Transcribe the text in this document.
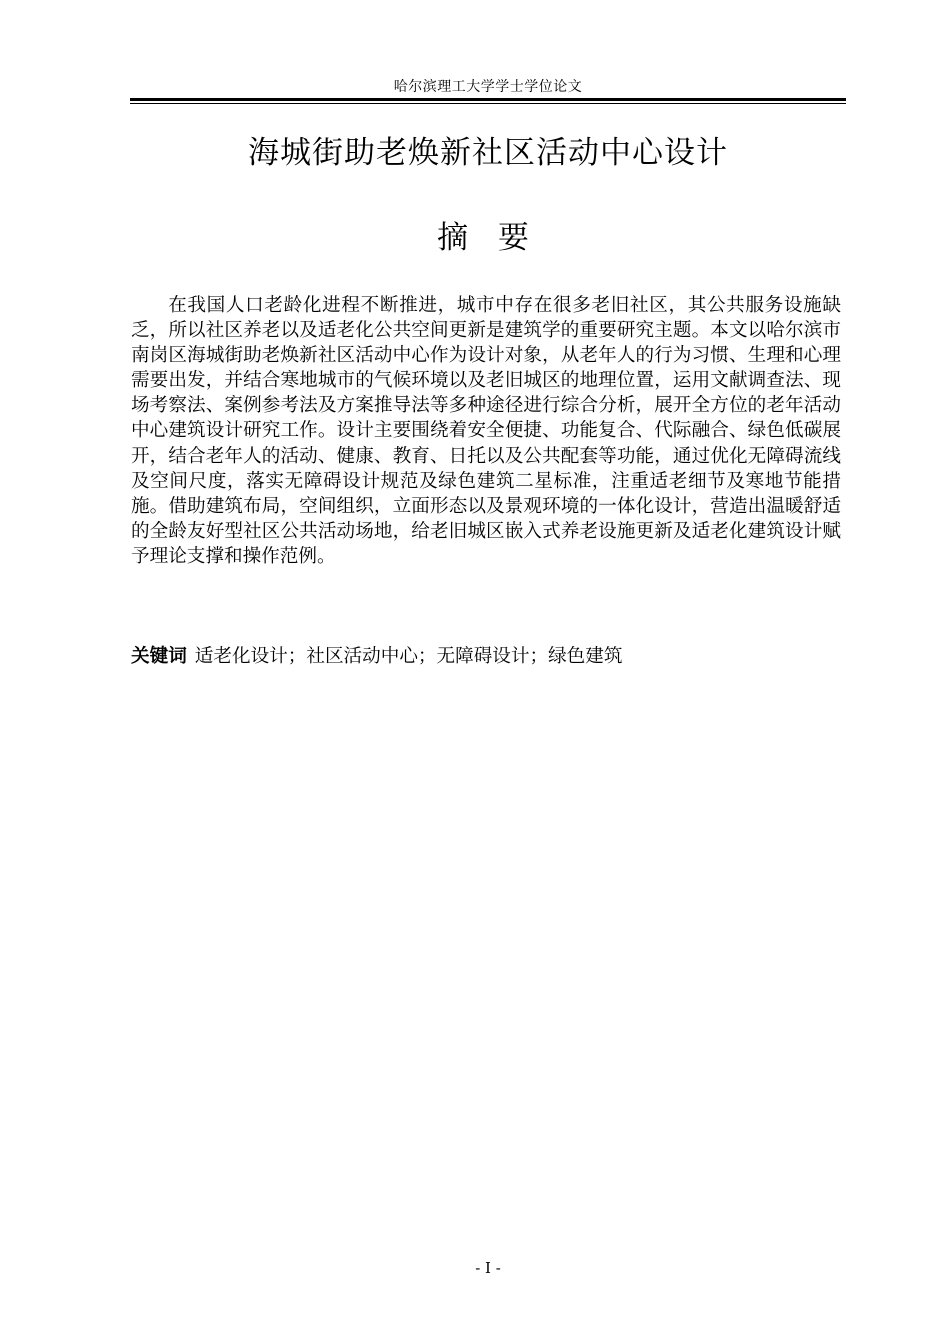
哈尔滨理工大学学士学位论文
海城街助老焕新社区活动中心设计
摘 要

在我国人口老龄化进程不断推进，城市中存在很多老旧社区，其公共服务设施缺乏，所以社区养老以及适老化公共空间更新是建筑学的重要研究主题。本文以哈尔滨市南岗区海城街助老焕新社区活动中心作为设计对象，从老年人的行为习惯、生理和心理需要出发，并结合寒地城市的气候环境以及老旧城区的地理位置，运用文献调查法、现场考察法、案例参考法及方案推导法等多种途径进行综合分析，展开全方位的老年活动中心建筑设计研究工作。设计主要围绕着安全便捷、功能复合、代际融合、绿色低碳展开，结合老年人的活动、健康、教育、日托以及公共配套等功能，通过优化无障碍流线及空间尺度，落实无障碍设计规范及绿色建筑二星标准，注重适老细节及寒地节能措施。借助建筑布局，空间组织，立面形态以及景观环境的一体化设计，营造出温暖舒适的全龄友好型社区公共活动场地，给老旧城区嵌入式养老设施更新及适老化建筑设计赋予理论支撑和操作范例。

关键词 适老化设计；社区活动中心；无障碍设计；绿色建筑

- I -
